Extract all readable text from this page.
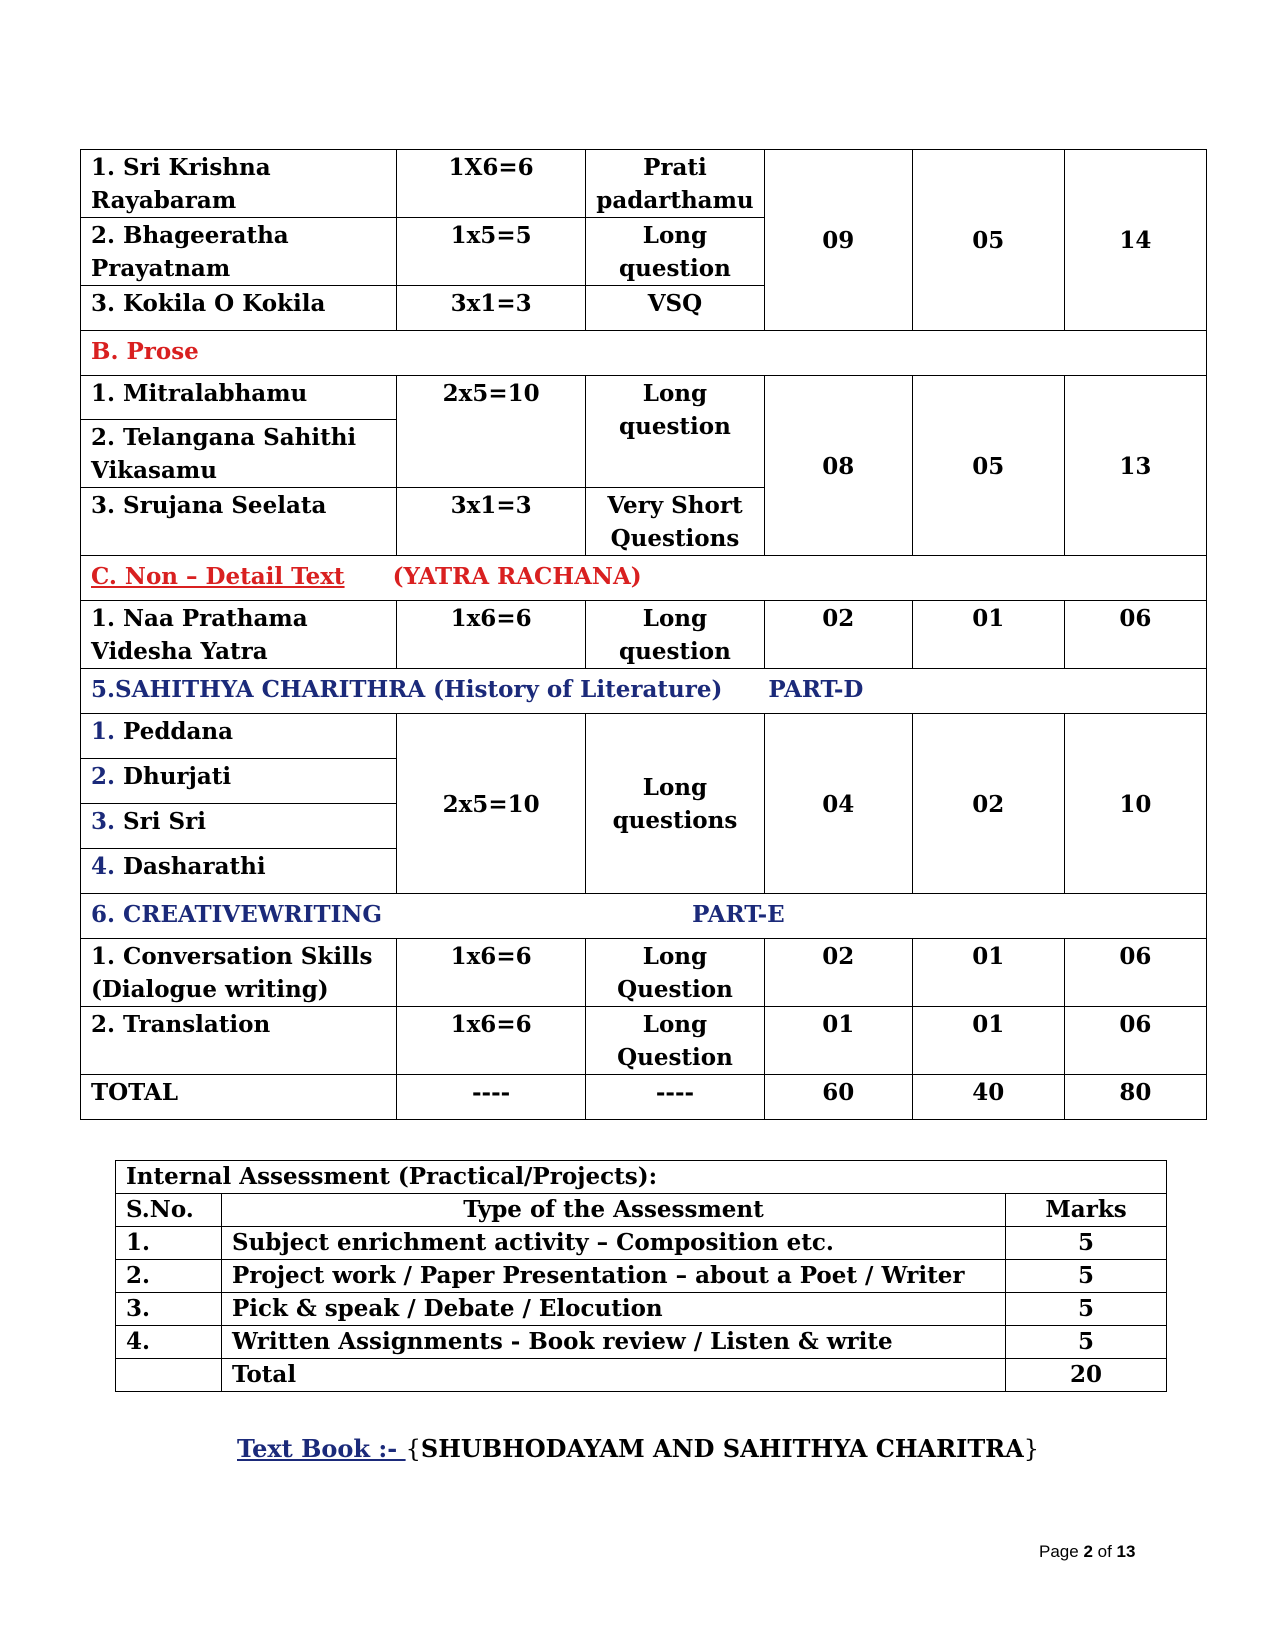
1. Sri Krishna Rayabaram	1X6=6	Prati padarthamu	09	05	14
2. Bhageeratha Prayatnam	1x5=5	Long question			
3. Kokila O Kokila	3x1=3	VSQ			
B. Prose					
1. Mitralabhamu	2x5=10	Long question	08	05	13
2. Telangana Sahithi Vikasamu					
3. Srujana Seelata	3x1=3	Very Short Questions			
C. Non – Detail Text (YATRA RACHANA)					
1. Naa Prathama Videsha Yatra	1x6=6	Long question	02	01	06
5.SAHITHYA CHARITHRA (History of Literature) PART-D					
1. Peddana	2x5=10	Long questions	04	02	10
2. Dhurjati					
3. Sri Sri					
4. Dasharathi					
6. CREATIVEWRITING PART-E					
1. Conversation Skills (Dialogue writing)	1x6=6	Long Question	02	01	06
2. Translation	1x6=6	Long Question	01	01	06
TOTAL	----	----	60	40	80
Internal Assessment (Practical/Projects):		
S.No.	Type of the Assessment	Marks
1.	Subject enrichment activity – Composition etc.	5
2.	Project work / Paper Presentation – about a Poet / Writer	5
3.	Pick & speak / Debate / Elocution	5
4.	Written Assignments - Book review / Listen & write	5
	Total	20
Text Book :- {SHUBHODAYAM AND SAHITHYA CHARITRA}
Page 2 of 13
